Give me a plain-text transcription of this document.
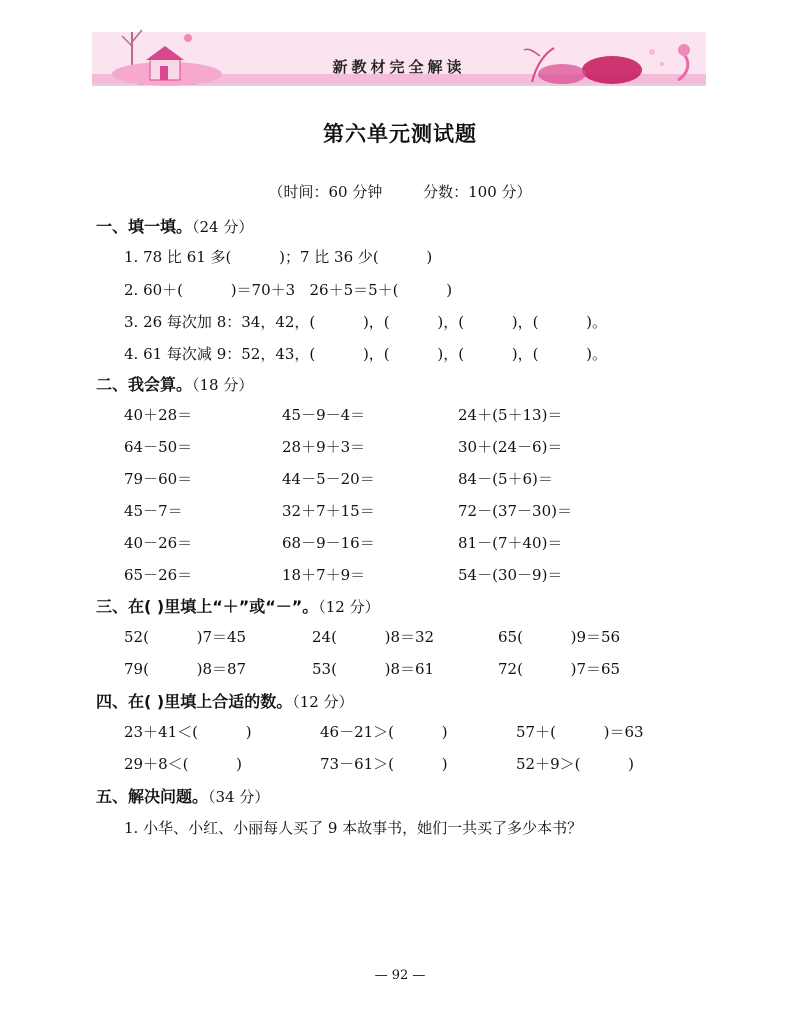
新教材完全解读
第六单元测试题
（时间：60 分钟	分数：100 分）
一、填一填。（24 分）
1. 78 比 61 多(          )；7 比 36 少(          )
2. 60＋(          )＝70＋3   26＋5＝5＋(          )
3. 26 每次加 8：34，42，(          )，(          )，(          )，(          )。
4. 61 每次减 9：52，43，(          )，(          )，(          )，(          )。
二、我会算。（18 分）
40＋28＝	45－9－4＝	24＋(5＋13)＝
64－50＝	28＋9＋3＝	30＋(24－6)＝
79－60＝	44－5－20＝	84－(5＋6)＝
45－7＝	32＋7＋15＝	72－(37－30)＝
40－26＝	68－9－16＝	81－(7＋40)＝
65－26＝	18＋7＋9＝	54－(30－9)＝
三、在( )里填上“＋”或“－”。（12 分）
52(          )7＝45	24(          )8＝32	65(          )9＝56
79(          )8＝87	53(          )8＝61	72(          )7＝65
四、在( )里填上合适的数。（12 分）
23＋41＜(          )	46－21＞(          )	57＋(          )＝63
29＋8＜(          )	73－61＞(          )	52＋9＞(          )
五、解决问题。（34 分）
1. 小华、小红、小丽每人买了 9 本故事书，她们一共买了多少本书？
— 92 —
